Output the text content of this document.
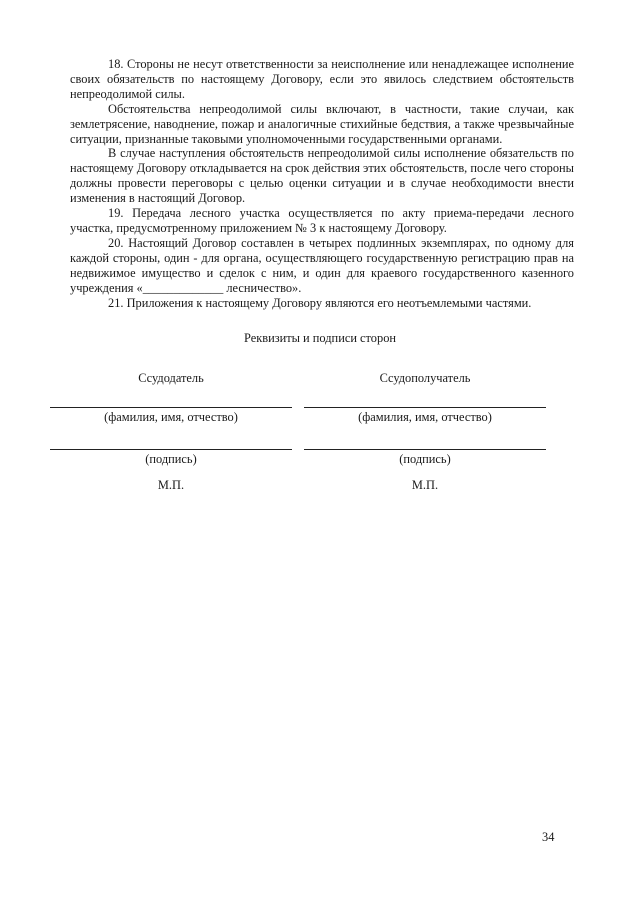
18. Стороны не несут ответственности за неисполнение или ненадлежащее исполнение своих обязательств по настоящему Договору, если это явилось следствием обстоятельств непреодолимой силы.

Обстоятельства непреодолимой силы включают, в частности, такие случаи, как землетрясение, наводнение, пожар и аналогичные стихийные бедствия, а также чрезвычайные ситуации, признанные таковыми уполномоченными государственными органами.

В случае наступления обстоятельств непреодолимой силы исполнение обязательств по настоящему Договору откладывается на срок действия этих обстоятельств, после чего стороны должны провести переговоры с целью оценки ситуации и в случае необходимости внести изменения в настоящий Договор.

19. Передача лесного участка осуществляется по акту приема-передачи лесного участка, предусмотренному приложением № 3 к настоящему Договору.

20. Настоящий Договор составлен в четырех подлинных экземплярах, по одному для каждой стороны, один - для органа, осуществляющего государственную регистрацию прав на недвижимое имущество и сделок с ним, и один для краевого государственного казенного учреждения «_____________ лесничество».

21. Приложения к настоящему Договору являются его неотъемлемыми частями.

Реквизиты и подписи сторон
Ссудодатель
(фамилия, имя, отчество)
(подпись)
М.П.
Ссудополучатель
(фамилия, имя, отчество)
(подпись)
М.П.
34
